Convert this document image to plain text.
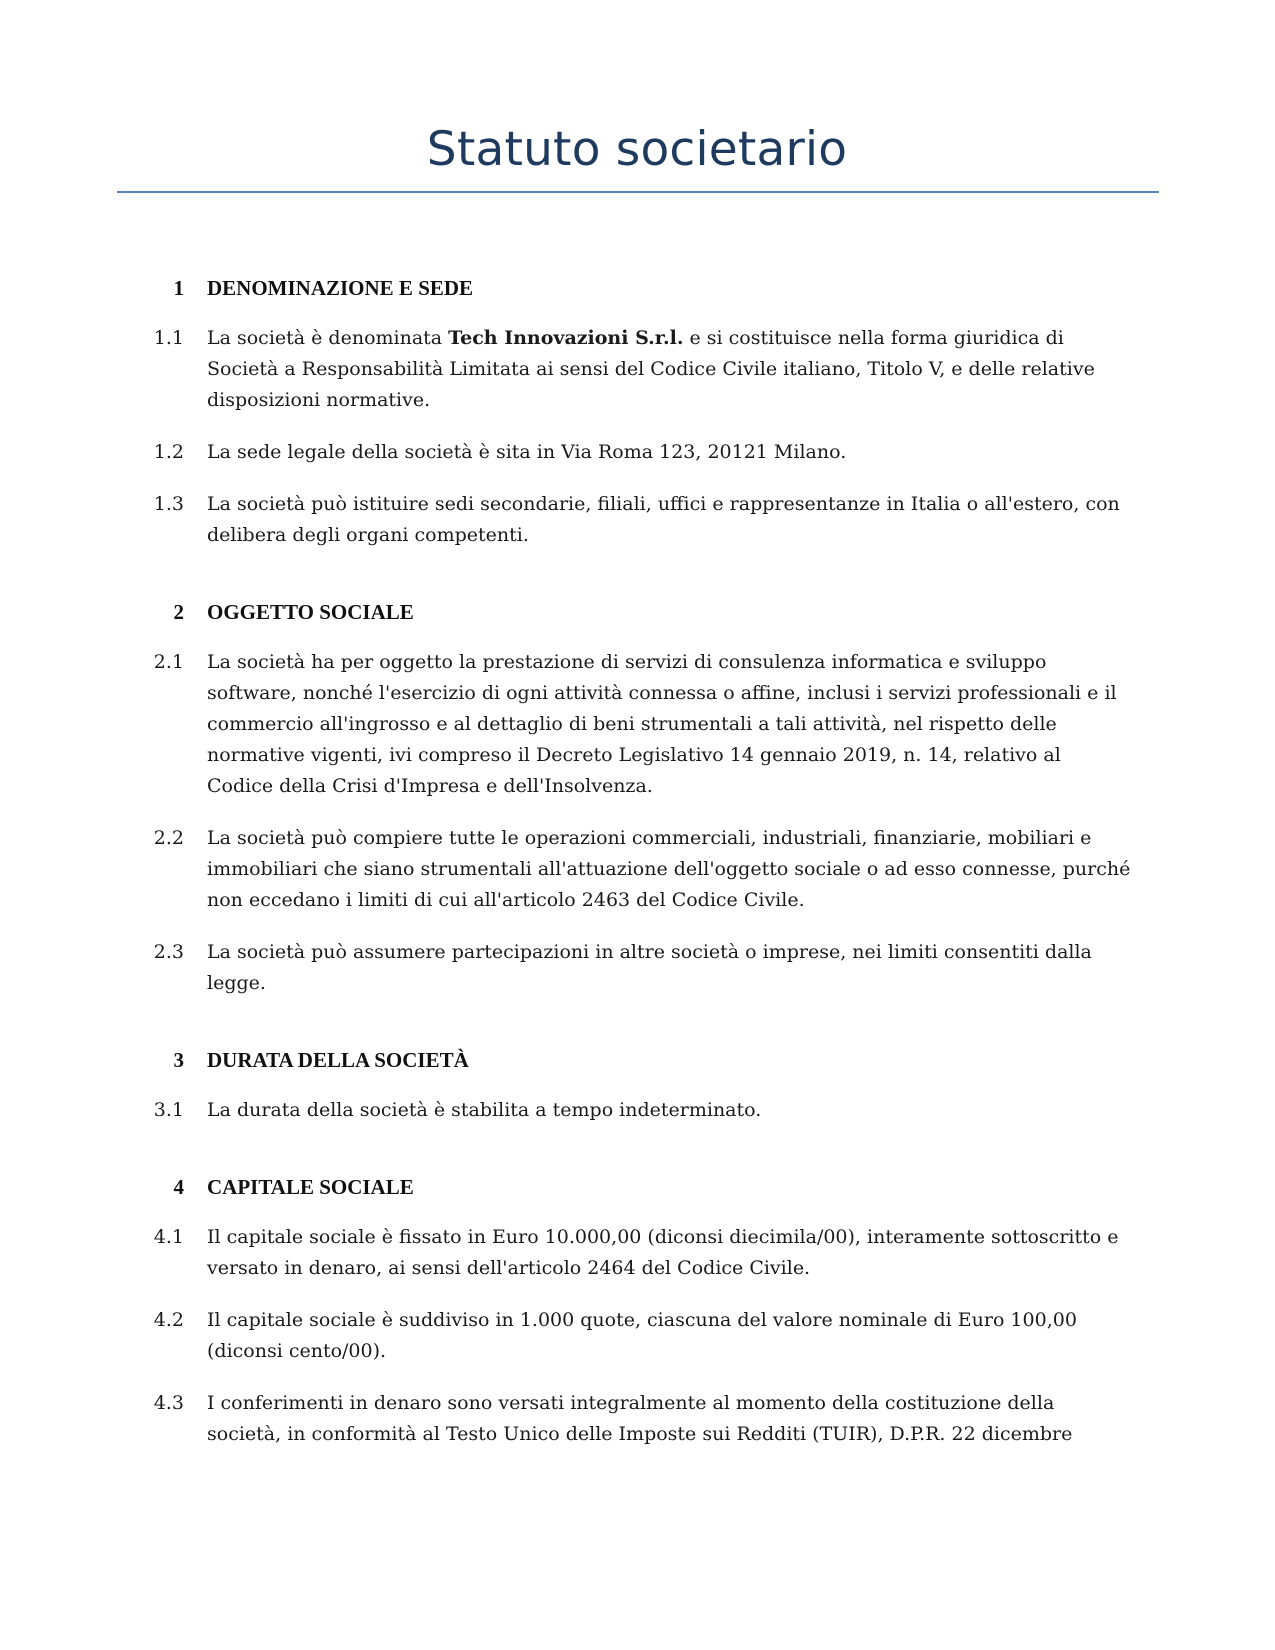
Statuto societario
1 DENOMINAZIONE E SEDE
1.1 La società è denominata Tech Innovazioni S.r.l. e si costituisce nella forma giuridica di Società a Responsabilità Limitata ai sensi del Codice Civile italiano, Titolo V, e delle relative disposizioni normative.
1.2 La sede legale della società è sita in Via Roma 123, 20121 Milano.
1.3 La società può istituire sedi secondarie, filiali, uffici e rappresentanze in Italia o all'estero, con delibera degli organi competenti.
2 OGGETTO SOCIALE
2.1 La società ha per oggetto la prestazione di servizi di consulenza informatica e sviluppo software, nonché l'esercizio di ogni attività connessa o affine, inclusi i servizi professionali e il commercio all'ingrosso e al dettaglio di beni strumentali a tali attività, nel rispetto delle normative vigenti, ivi compreso il Decreto Legislativo 14 gennaio 2019, n. 14, relativo al Codice della Crisi d'Impresa e dell'Insolvenza.
2.2 La società può compiere tutte le operazioni commerciali, industriali, finanziarie, mobiliari e immobiliari che siano strumentali all'attuazione dell'oggetto sociale o ad esso connesse, purché non eccedano i limiti di cui all'articolo 2463 del Codice Civile.
2.3 La società può assumere partecipazioni in altre società o imprese, nei limiti consentiti dalla legge.
3 DURATA DELLA SOCIETÀ
3.1 La durata della società è stabilita a tempo indeterminato.
4 CAPITALE SOCIALE
4.1 Il capitale sociale è fissato in Euro 10.000,00 (diconsi diecimila/00), interamente sottoscritto e versato in denaro, ai sensi dell'articolo 2464 del Codice Civile.
4.2 Il capitale sociale è suddiviso in 1.000 quote, ciascuna del valore nominale di Euro 100,00 (diconsi cento/00).
4.3 I conferimenti in denaro sono versati integralmente al momento della costituzione della società, in conformità al Testo Unico delle Imposte sui Redditi (TUIR), D.P.R. 22 dicembre
